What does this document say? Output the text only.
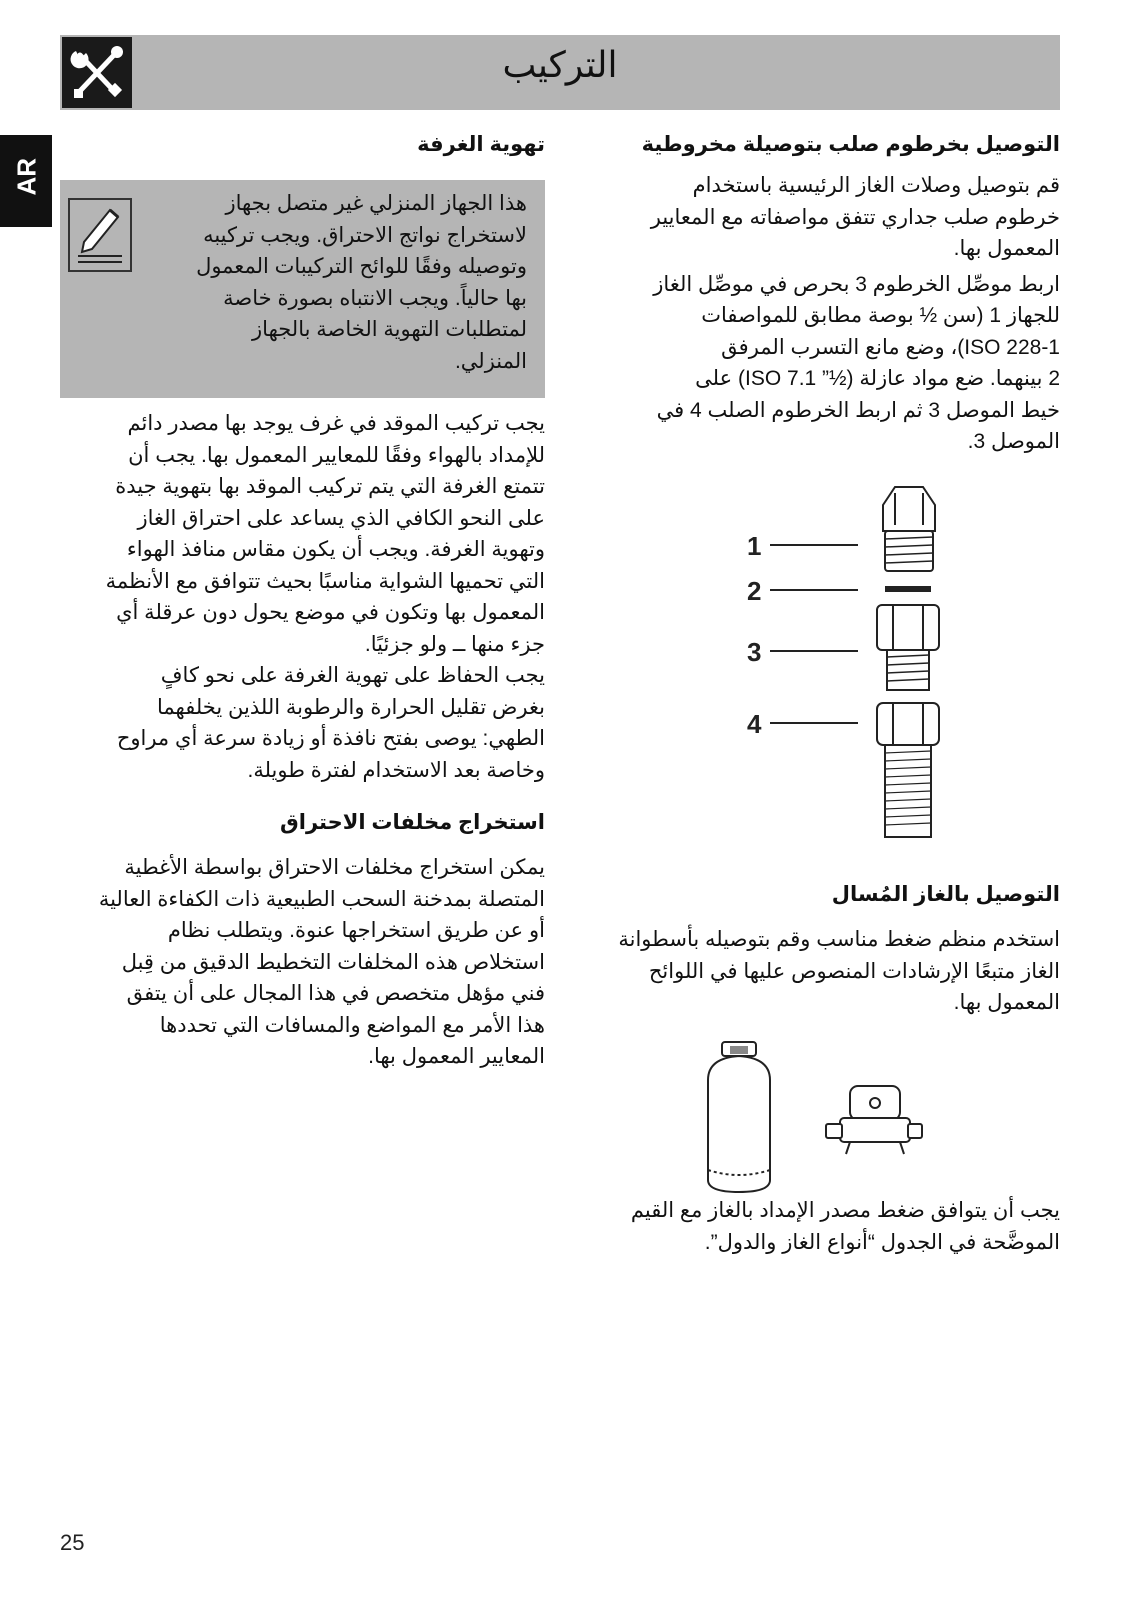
التركيب
AR
تهوية الغرفة
هذا الجهاز المنزلي غير متصل بجهاز
لاستخراج نواتج الاحتراق. ويجب تركيبه
وتوصيله وفقًا للوائح التركيبات المعمول
بها حالياً. ويجب الانتباه بصورة خاصة
لمتطلبات التهوية الخاصة بالجهاز
المنزلي.

يجب تركيب الموقد في غرف يوجد بها مصدر دائم

للإمداد بالهواء وفقًا للمعايير المعمول بها. يجب أن

تتمتع الغرفة التي يتم تركيب الموقد بها بتهوية جيدة

على النحو الكافي الذي يساعد على احتراق الغاز

وتهوية الغرفة. ويجب أن يكون مقاس منافذ الهواء

التي تحميها الشواية مناسبًا بحيث تتوافق مع الأنظمة

المعمول بها وتكون في موضع يحول دون عرقلة أي

جزء منها ــ ولو جزئيًا.

يجب الحفاظ على تهوية الغرفة على نحو كافٍ

بغرض تقليل الحرارة والرطوبة اللذين يخلفهما

الطهي: يوصى بفتح نافذة أو زيادة سرعة أي مراوح

وخاصة بعد الاستخدام لفترة طويلة.

استخراج مخلفات الاحتراق

يمكن استخراج مخلفات الاحتراق بواسطة الأغطية

المتصلة بمدخنة السحب الطبيعية ذات الكفاءة العالية

أو عن طريق استخراجها عنوة. ويتطلب نظام

استخلاص هذه المخلفات التخطيط الدقيق من قِبل

فني مؤهل متخصص في هذا المجال على أن يتفق

هذا الأمر مع المواضع والمسافات التي تحددها

المعايير المعمول بها.

التوصيل بخرطوم صلب بتوصيلة مخروطية

قم بتوصيل وصلات الغاز الرئيسية باستخدام

خرطوم صلب جداري تتفق مواصفاته مع المعايير

المعمول بها.

اربط موصِّل الخرطوم 3 بحرص في موصِّل الغاز

للجهاز 1 (سن ½ بوصة مطابق للمواصفات

ISO 228-1)، وضع مانع التسرب المرفق

2 بينهما. ضع مواد عازلة (½” ISO 7.1) على

خيط الموصل 3 ثم اربط الخرطوم الصلب 4 في

الموصل 3.

1
2
3
4
التوصيل بالغاز المُسال

استخدم منظم ضغط مناسب وقم بتوصيله بأسطوانة

الغاز متبعًا الإرشادات المنصوص عليها في اللوائح

المعمول بها.

يجب أن يتوافق ضغط مصدر الإمداد بالغاز مع القيم

الموضَّحة في الجدول “أنواع الغاز والدول”.

25
